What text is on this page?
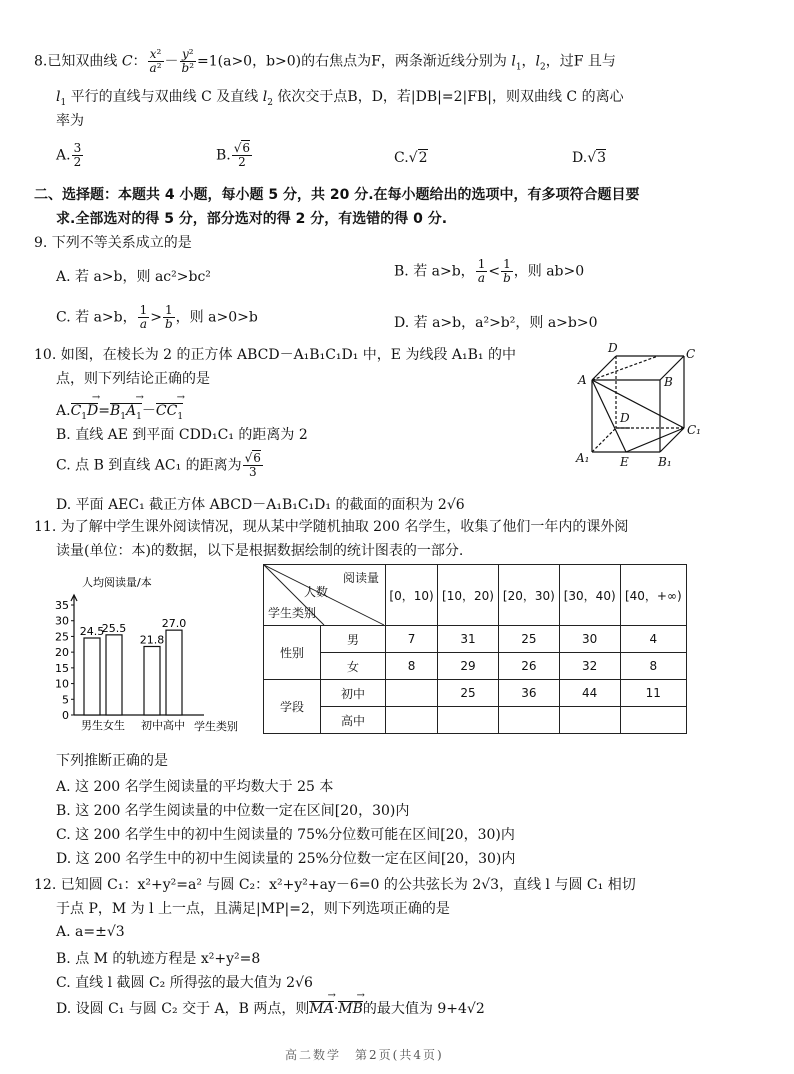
8.已知双曲线 C： $\frac{\text{x²}}{\text{a²}} - \frac{\text{y²}}{\text{b²}} =1(a>0$，b>0)的右焦点为F，两条渐近线分别为 $l_1$，$l_2$，过F 且与
$l_1$ 平行的直线与双曲线 C 及直线 $l_2$ 依次交于点B，D，若|DB|=2|FB|，则双曲线 C 的离心
率为
A. $\frac{3}{2}$	B. $\frac{√6}{2}$	C.√2	D.√3
二、选择题：本题共 4 小题，每小题 5 分，共 20 分.在每小题给出的选项中，有多项符合题目要
求.全部选对的得 5 分，部分选对的得 2 分，有选错的得 0 分.
9. 下列不等关系成立的是
A. 若 a>b，则 ac²>bc²	B. 若 a>b， $\frac{1}{a} < \frac{1}{b}$ ，则 ab>0
C. 若 a>b， $\frac{1}{a} > \frac{1}{b}$ ，则 a>0>b	D. 若 a>b，a²>b²，则 a>b>0
10. 如图，在棱长为 2 的正方体 ABCD－A₁B₁C₁D₁ 中，E 为线段 A₁B₁ 的中
点，则下列结论正确的是
$A.C_1D \to=B_1A_1 \to-CC_1$ →
B. 直线 AE 到平面 CDD₁C₁ 的距离为 2
C. 点 B 到直线 AC₁ 的距离为 $\frac{√6}{3}$
D. 平面 AEC₁ 截正方体 ABCD－A₁B₁C₁D₁ 的截面的面积为 2√6
D	C
A	B
D
C₁
A₁	E B₁
11. 为了解中学生课外阅读情况，现从某中学随机抽取 200 名学生，收集了他们一年内的课外阅
读量(单位：本)的数据，以下是根据数据绘制的统计图表的一部分.
人均阅读量/本
学生类别
0
5
10
15
20
25
30
35
24.5
25.5
21.8
27.0
男生 女生 初中 高中
阅读量
人数
学生类别		[0，10)	[10，20)	[20，30)	[30，40)	[40，+∞)
性别	男	7	31	25	30	4
	女	8	29	26	32	8
学段	初中		25	36	44	11
	高中					
下列推断正确的是
A. 这 200 名学生阅读量的平均数大于 25 本
B. 这 200 名学生阅读量的中位数一定在区间[20，30)内
C. 这 200 名学生中的初中生阅读量的 75%分位数可能在区间[20，30)内
D. 这 200 名学生中的初中生阅读量的 25%分位数一定在区间[20，30)内
12. 已知圆 C₁：x²+y²=a² 与圆 C₂：x²+y²+ay－6=0 的公共弦长为 2√3，直线 l 与圆 C₁ 相切
于点 P，M 为 l 上一点，且满足|MP|=2，则下列选项正确的是
A. a=±√3
B. 点 M 的轨迹方程是 x²+y²=8
C. 直线 l 截圆 C₂ 所得弦的最大值为 2√6
D. 设圆 C₁ 与圆 C₂ 交于 A，B 两点，则MA →·MB →的最大值为 9+4√2
高二数学　第2页(共4页)
